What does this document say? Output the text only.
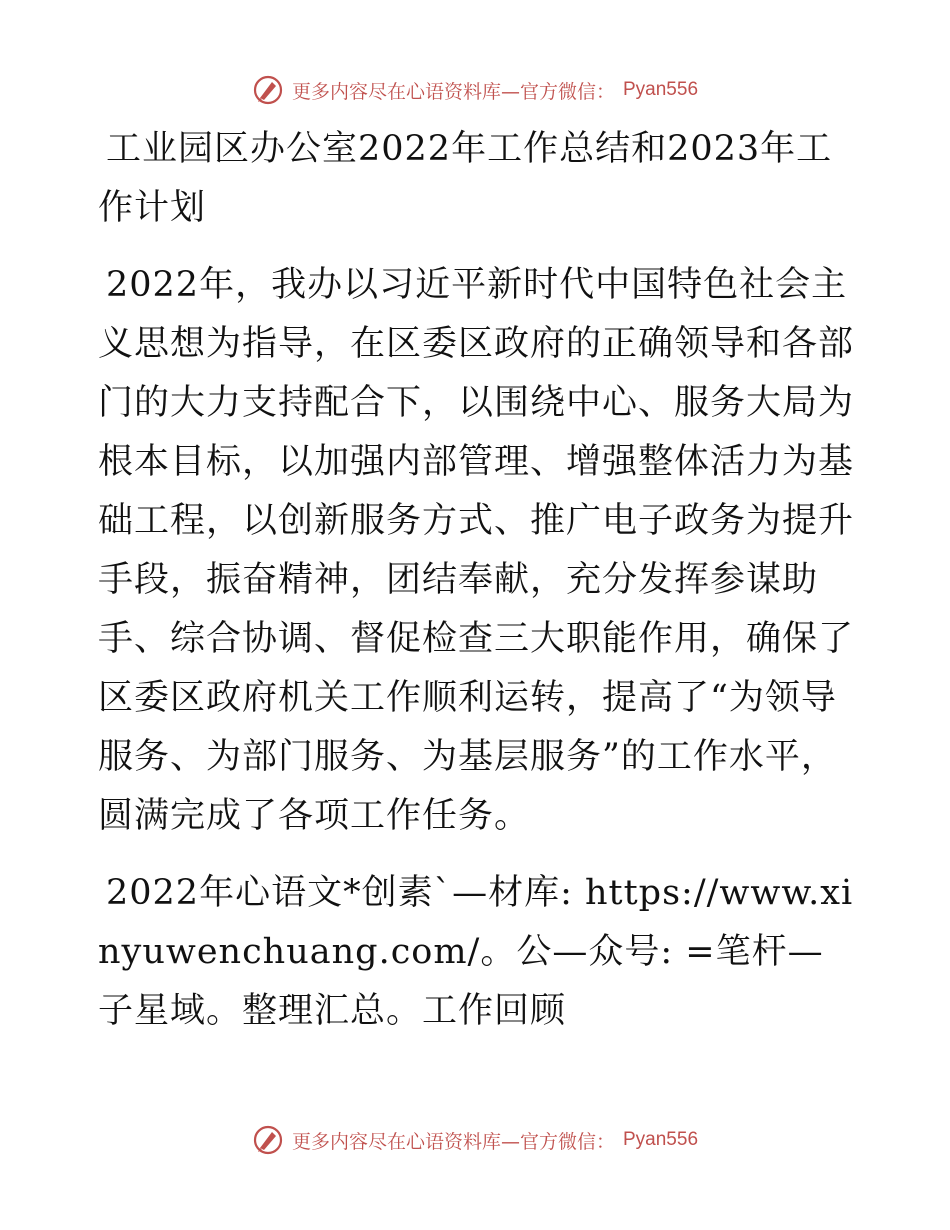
更多内容尽在心语资料库—官方微信： Pyan556
工业园区办公室2022年工作总结和2023年工作计划

2022年，我办以习近平新时代中国特色社会主义思想为指导，在区委区政府的正确领导和各部门的大力支持配合下，以围绕中心、服务大局为根本目标，以加强内部管理、增强整体活力为基础工程，以创新服务方式、推广电子政务为提升手段，振奋精神，团结奉献，充分发挥参谋助手、综合协调、督促检查三大职能作用，确保了区委区政府机关工作顺利运转，提高了“为领导服务、为部门服务、为基层服务”的工作水平，圆满完成了各项工作任务。

2022年心语文*创素`—材库: https://www.xinyuwenchuang.com/。公—众号: =笔杆—子星域。整理汇总。工作回顾

更多内容尽在心语资料库—官方微信： Pyan556
